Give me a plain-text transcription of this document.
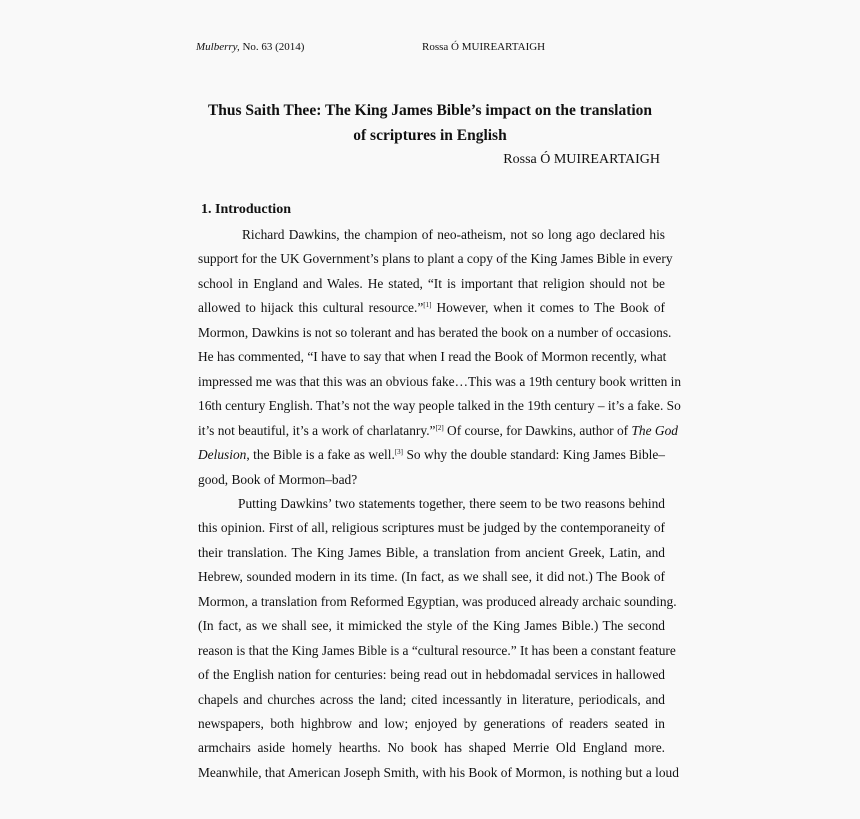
Mulberry, No. 63 (2014)	Rossa Ó MUIREARTAIGH
Thus Saith Thee: The King James Bible’s impact on the translation
of scriptures in English
Rossa Ó MUIREARTAIGH
1. Introduction
Richard Dawkins, the champion of neo-atheism, not so long ago declared his
support for the UK Government’s plans to plant a copy of the King James Bible in every
school in England and Wales. He stated, “It is important that religion should not be
allowed to hijack this cultural resource.”[1] However, when it comes to The Book of
Mormon, Dawkins is not so tolerant and has berated the book on a number of occasions.
He has commented, “I have to say that when I read the Book of Mormon recently, what
impressed me was that this was an obvious fake…This was a 19th century book written in
16th century English. That’s not the way people talked in the 19th century – it’s a fake. So
it’s not beautiful, it’s a work of charlatanry.”[2] Of course, for Dawkins, author of The God
Delusion, the Bible is a fake as well.[3] So why the double standard: King James Bible–
good, Book of Mormon–bad?
Putting Dawkins’ two statements together, there seem to be two reasons behind
this opinion. First of all, religious scriptures must be judged by the contemporaneity of
their translation. The King James Bible, a translation from ancient Greek, Latin, and
Hebrew, sounded modern in its time. (In fact, as we shall see, it did not.) The Book of
Mormon, a translation from Reformed Egyptian, was produced already archaic sounding.
(In fact, as we shall see, it mimicked the style of the King James Bible.) The second
reason is that the King James Bible is a “cultural resource.” It has been a constant feature
of the English nation for centuries: being read out in hebdomadal services in hallowed
chapels and churches across the land; cited incessantly in literature, periodicals, and
newspapers, both highbrow and low; enjoyed by generations of readers seated in
armchairs aside homely hearths. No book has shaped Merrie Old England more.
Meanwhile, that American Joseph Smith, with his Book of Mormon, is nothing but a loud
